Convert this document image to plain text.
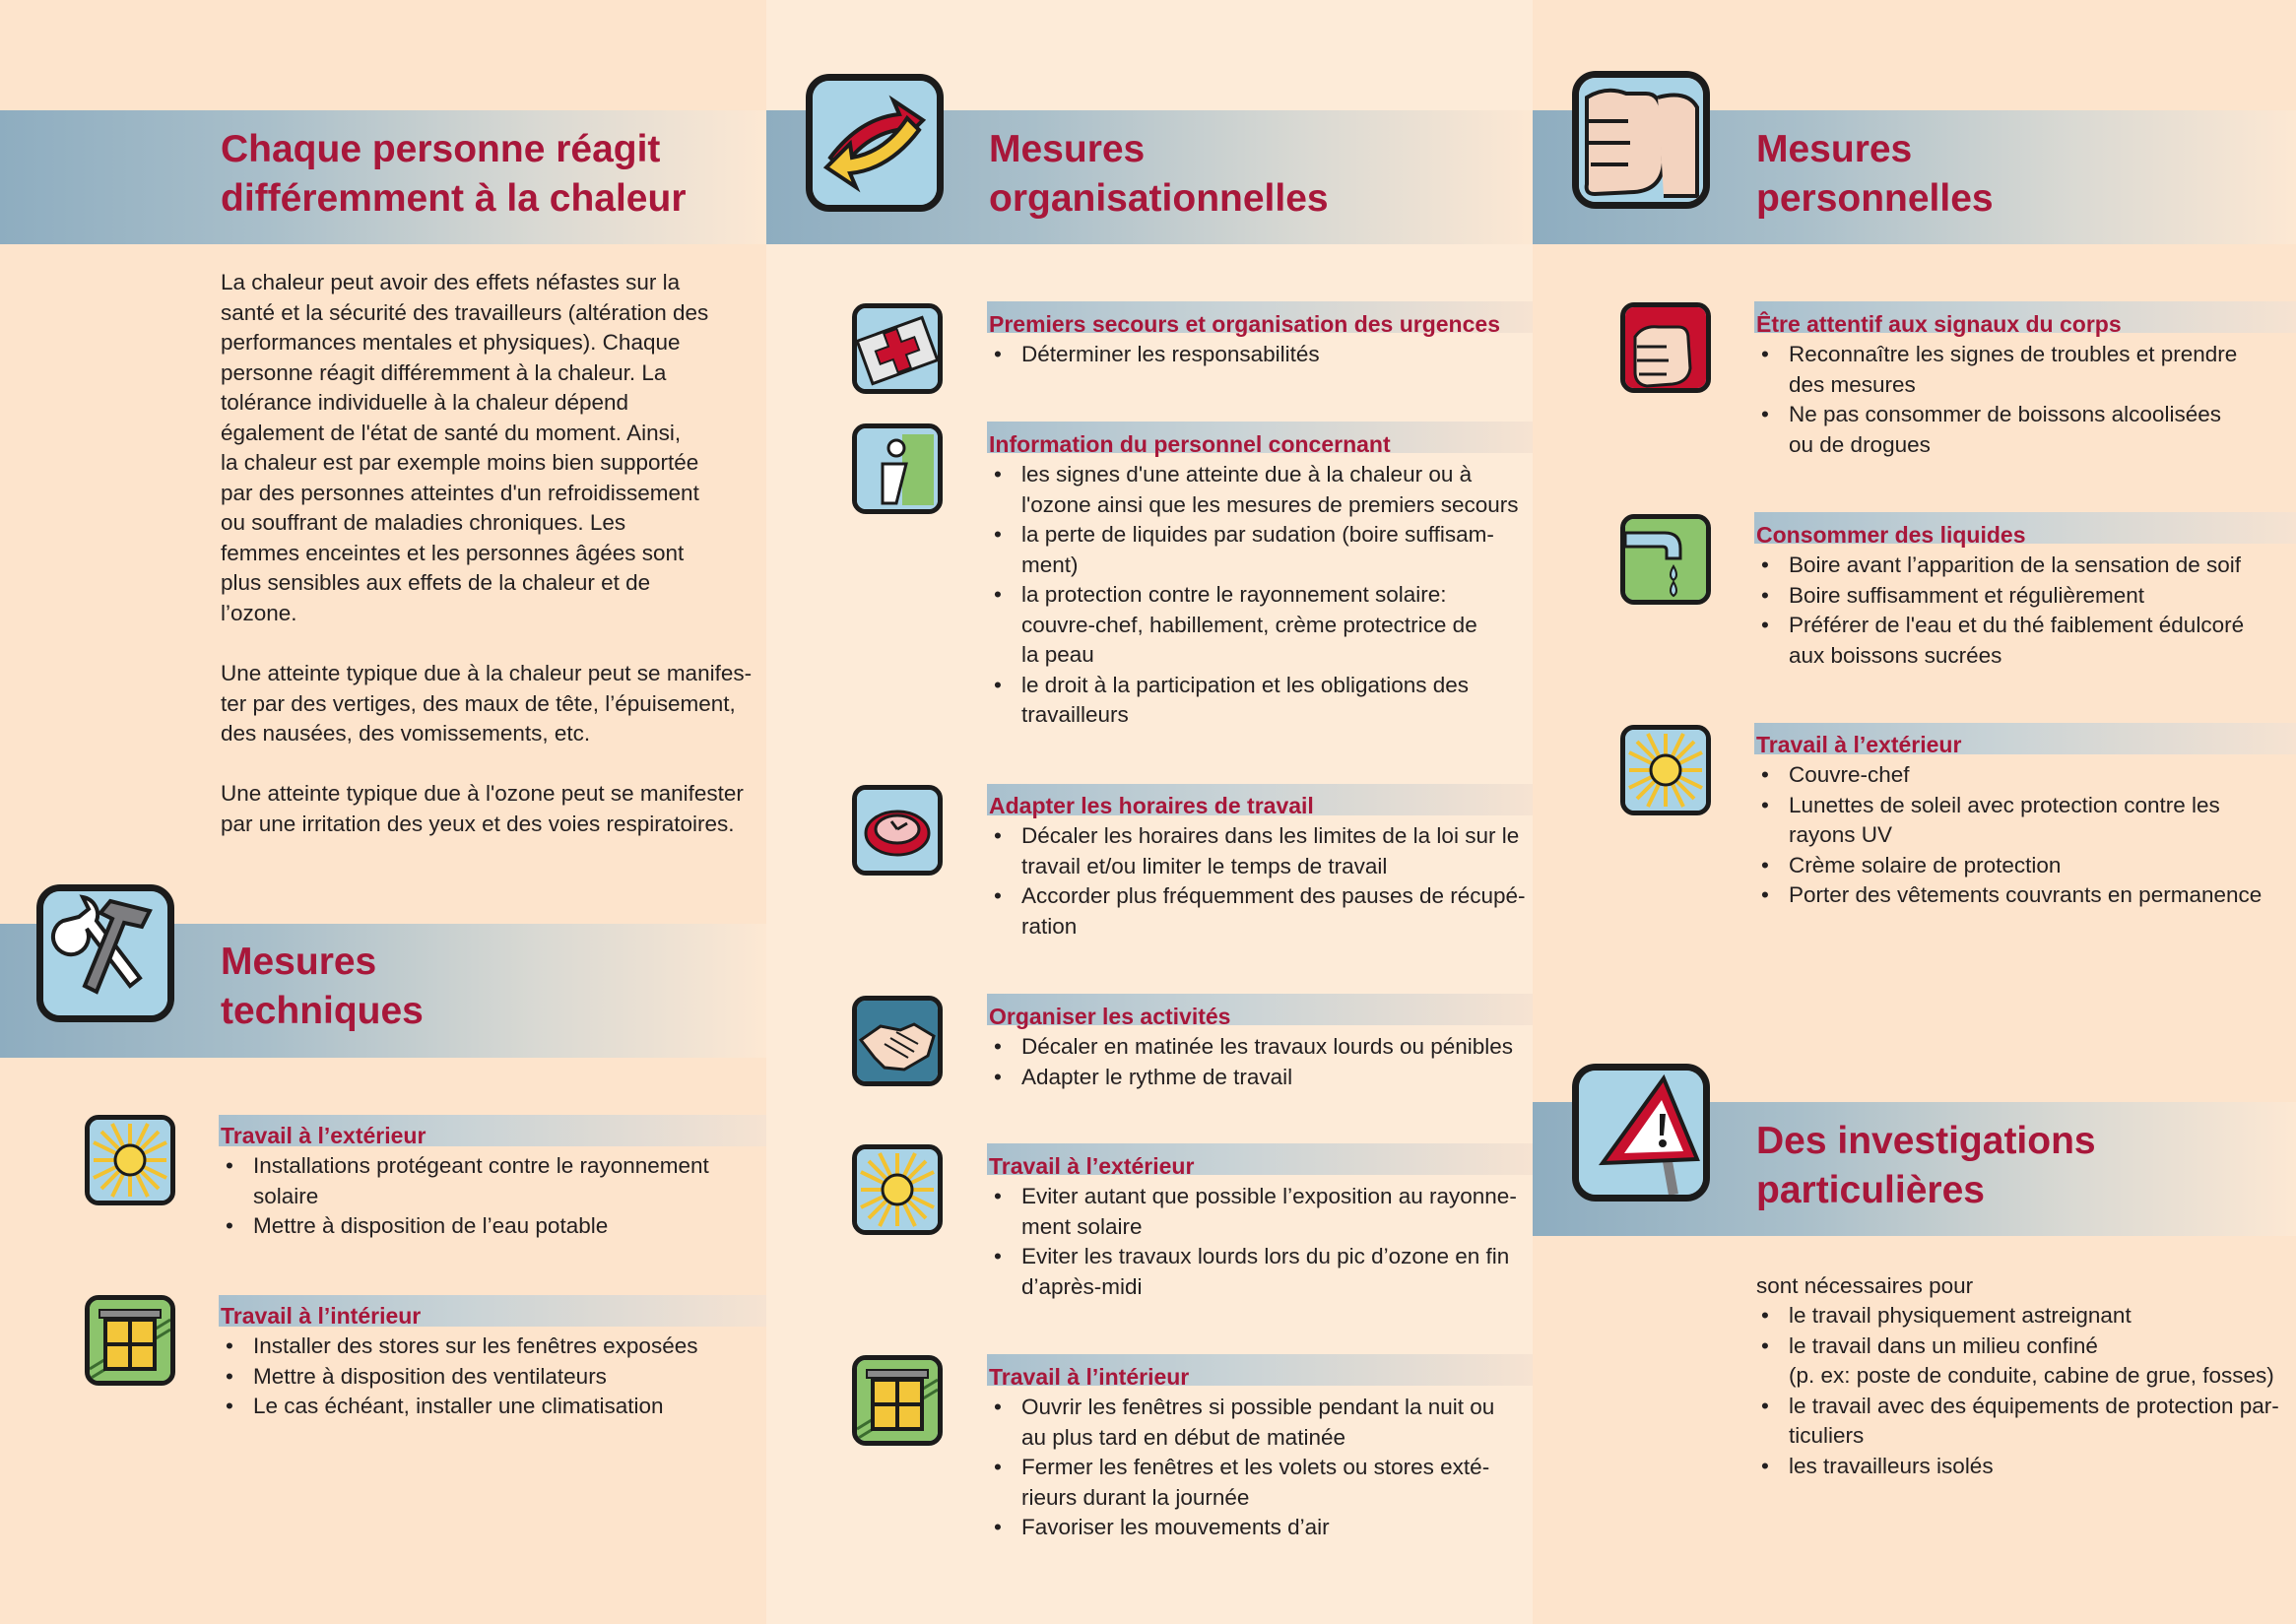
Chaque personne réagit
différemment à la chaleur
La chaleur peut avoir des effets néfastes sur la
santé et la sécurité des travailleurs (altération des
performances mentales et physiques). Chaque
personne réagit différemment à la chaleur. La
tolérance individuelle à la chaleur dépend
également de l'état de santé du moment. Ainsi,
la chaleur est par exemple moins bien supportée
par des personnes atteintes d'un refroidissement
ou souffrant de maladies chroniques. Les
femmes enceintes et les personnes âgées sont
plus sensibles aux effets de la chaleur et de
l’ozone.
Une atteinte typique due à la chaleur peut se manifes-
ter par des vertiges, des maux de tête, l’épuisement,
des nausées, des vomissements, etc.
Une atteinte typique due à l'ozone peut se manifester
par une irritation des yeux et des voies respiratoires.
Mesures
techniques
Travail à l’extérieur
• Installations protégeant contre le rayonnement
solaire
• Mettre à disposition de l’eau potable
Travail à l’intérieur
• Installer des stores sur les fenêtres exposées
• Mettre à disposition des ventilateurs
• Le cas échéant, installer une climatisation
Mesures
organisationnelles
Premiers secours et organisation des urgences
• Déterminer les responsabilités
Information du personnel concernant
• les signes d'une atteinte due à la chaleur ou à
l'ozone ainsi que les mesures de premiers secours
• la perte de liquides par sudation (boire suffisam-
ment)
• la protection contre le rayonnement solaire:
couvre-chef, habillement, crème protectrice de
la peau
• le droit à la participation et les obligations des
travailleurs
Adapter les horaires de travail
• Décaler les horaires dans les limites de la loi sur le
travail et/ou limiter le temps de travail
• Accorder plus fréquemment des pauses de récupé-
ration
Organiser les activités
• Décaler en matinée les travaux lourds ou pénibles
• Adapter le rythme de travail
Travail à l’extérieur
• Eviter autant que possible l’exposition au rayonne-
ment solaire
• Eviter les travaux lourds lors du pic d’ozone en fin
d’après-midi
Travail à l’intérieur
• Ouvrir les fenêtres si possible pendant la nuit ou
au plus tard en début de matinée
• Fermer les fenêtres et les volets ou stores exté-
rieurs durant la journée
• Favoriser les mouvements d’air
Mesures
personnelles
Être attentif aux signaux du corps
• Reconnaître les signes de troubles et prendre
des mesures
• Ne pas consommer de boissons alcoolisées
ou de drogues
Consommer des liquides
• Boire avant l’apparition de la sensation de soif
• Boire suffisamment et régulièrement
• Préférer de l'eau et du thé faiblement édulcoré
aux boissons sucrées
Travail à l’extérieur
• Couvre-chef
• Lunettes de soleil avec protection contre les
rayons UV
• Crème solaire de protection
• Porter des vêtements couvrants en permanence
Des investigations
particulières
sont nécessaires pour
• le travail physiquement astreignant
• le travail dans un milieu confiné
(p. ex: poste de conduite, cabine de grue, fosses)
• le travail avec des équipements de protection par-
ticuliers
• les travailleurs isolés
